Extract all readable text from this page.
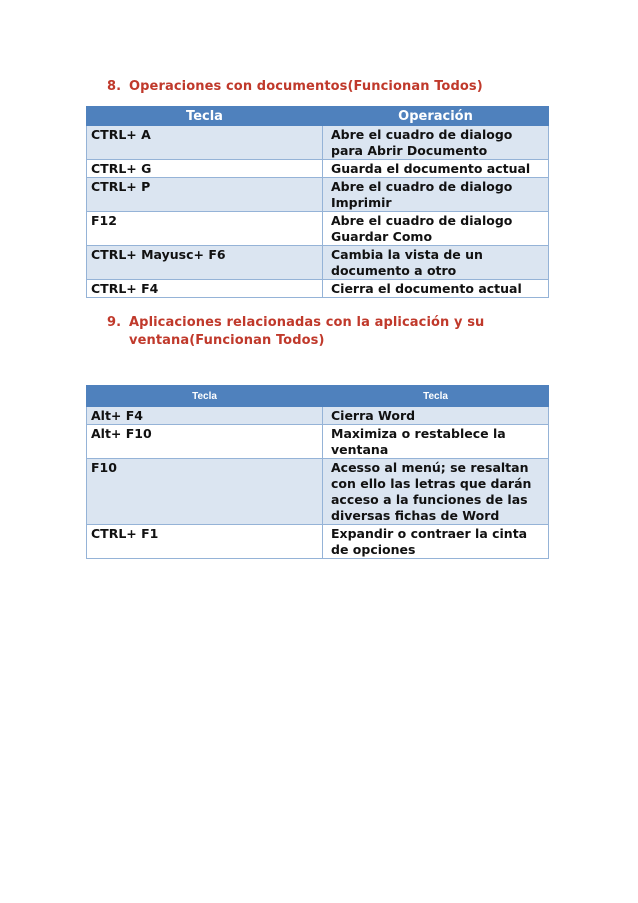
8. Operaciones con documentos(Funcionan Todos)
Tecla	Operación
CTRL+ A	Abre el cuadro de dialogo para Abrir Documento
CTRL+ G	Guarda el documento actual
CTRL+ P	Abre el cuadro de dialogo Imprimir
F12	Abre el cuadro de dialogo Guardar Como
CTRL+ Mayusc+ F6	Cambia la vista de un documento a otro
CTRL+ F4	Cierra el documento actual
9. Aplicaciones relacionadas con la aplicación y su
ventana(Funcionan Todos)
Tecla	Tecla
Alt+ F4	Cierra Word
Alt+ F10	Maximiza o restablece la ventana
F10	Acesso al menú; se resaltan con ello las letras que darán acceso a la funciones de las diversas fichas de Word
CTRL+ F1	Expandir o contraer la cinta de opciones
